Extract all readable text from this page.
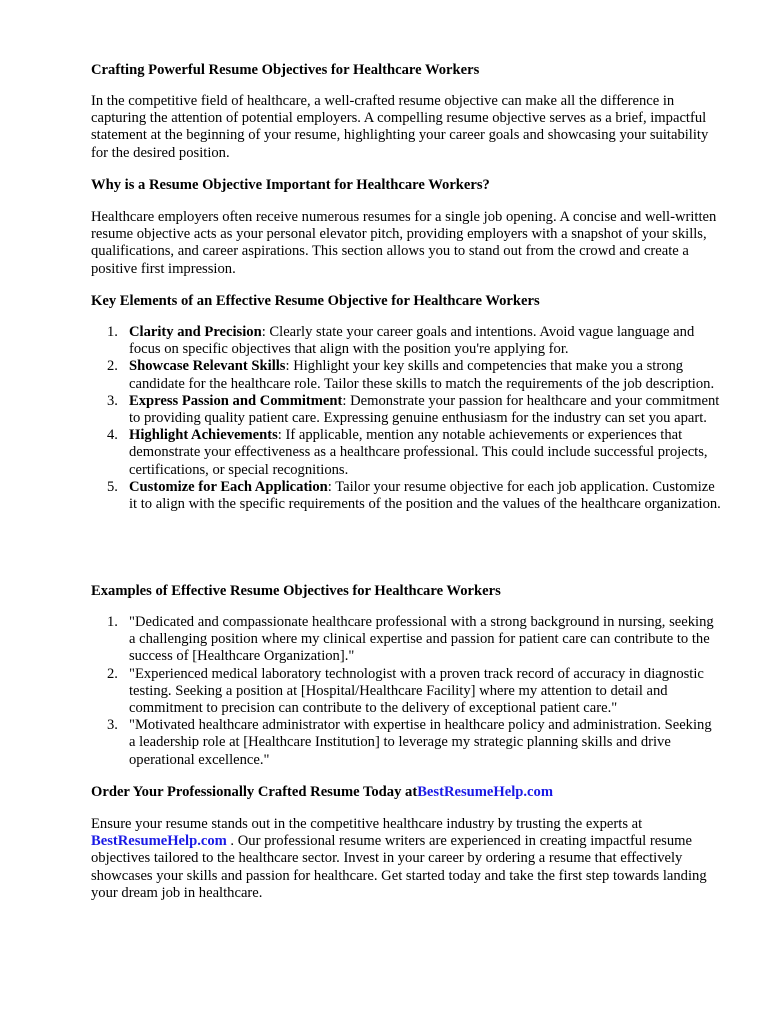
Crafting Powerful Resume Objectives for Healthcare Workers

In the competitive field of healthcare, a well-crafted resume objective can make all the difference in capturing the attention of potential employers. A compelling resume objective serves as a brief, impactful statement at the beginning of your resume, highlighting your career goals and showcasing your suitability for the desired position.

Why is a Resume Objective Important for Healthcare Workers?

Healthcare employers often receive numerous resumes for a single job opening. A concise and well-written resume objective acts as your personal elevator pitch, providing employers with a snapshot of your skills, qualifications, and career aspirations. This section allows you to stand out from the crowd and create a positive first impression.

Key Elements of an Effective Resume Objective for Healthcare Workers
1. Clarity and Precision: Clearly state your career goals and intentions. Avoid vague language and focus on specific objectives that align with the position you're applying for.
2. Showcase Relevant Skills: Highlight your key skills and competencies that make you a strong candidate for the healthcare role. Tailor these skills to match the requirements of the job description.
3. Express Passion and Commitment: Demonstrate your passion for healthcare and your commitment to providing quality patient care. Expressing genuine enthusiasm for the industry can set you apart.
4. Highlight Achievements: If applicable, mention any notable achievements or experiences that demonstrate your effectiveness as a healthcare professional. This could include successful projects, certifications, or special recognitions.
5. Customize for Each Application: Tailor your resume objective for each job application. Customize it to align with the specific requirements of the position and the values of the healthcare organization.
Examples of Effective Resume Objectives for Healthcare Workers
1. "Dedicated and compassionate healthcare professional with a strong background in nursing, seeking a challenging position where my clinical expertise and passion for patient care can contribute to the success of [Healthcare Organization]."
2. "Experienced medical laboratory technologist with a proven track record of accuracy in diagnostic testing. Seeking a position at [Hospital/Healthcare Facility] where my attention to detail and commitment to precision can contribute to the delivery of exceptional patient care."
3. "Motivated healthcare administrator with expertise in healthcare policy and administration. Seeking a leadership role at [Healthcare Institution] to leverage my strategic planning skills and drive operational excellence."
Order Your Professionally Crafted Resume Today atBestResumeHelp.com

Ensure your resume stands out in the competitive healthcare industry by trusting the experts at BestResumeHelp.com . Our professional resume writers are experienced in creating impactful resume objectives tailored to the healthcare sector. Invest in your career by ordering a resume that effectively showcases your skills and passion for healthcare. Get started today and take the first step towards landing your dream job in healthcare.
